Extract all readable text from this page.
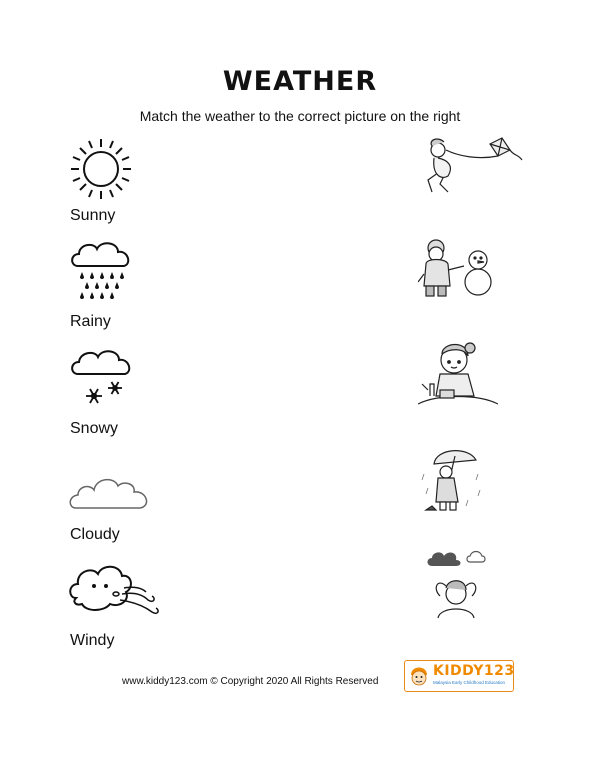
WEATHER
Match the weather to the correct picture on the right
Sunny
Rainy
Snowy
Cloudy
Windy
www.kiddy123.com © Copyright 2020 All Rights Reserved
KIDDY123
Malaysia Early Childhood Education
